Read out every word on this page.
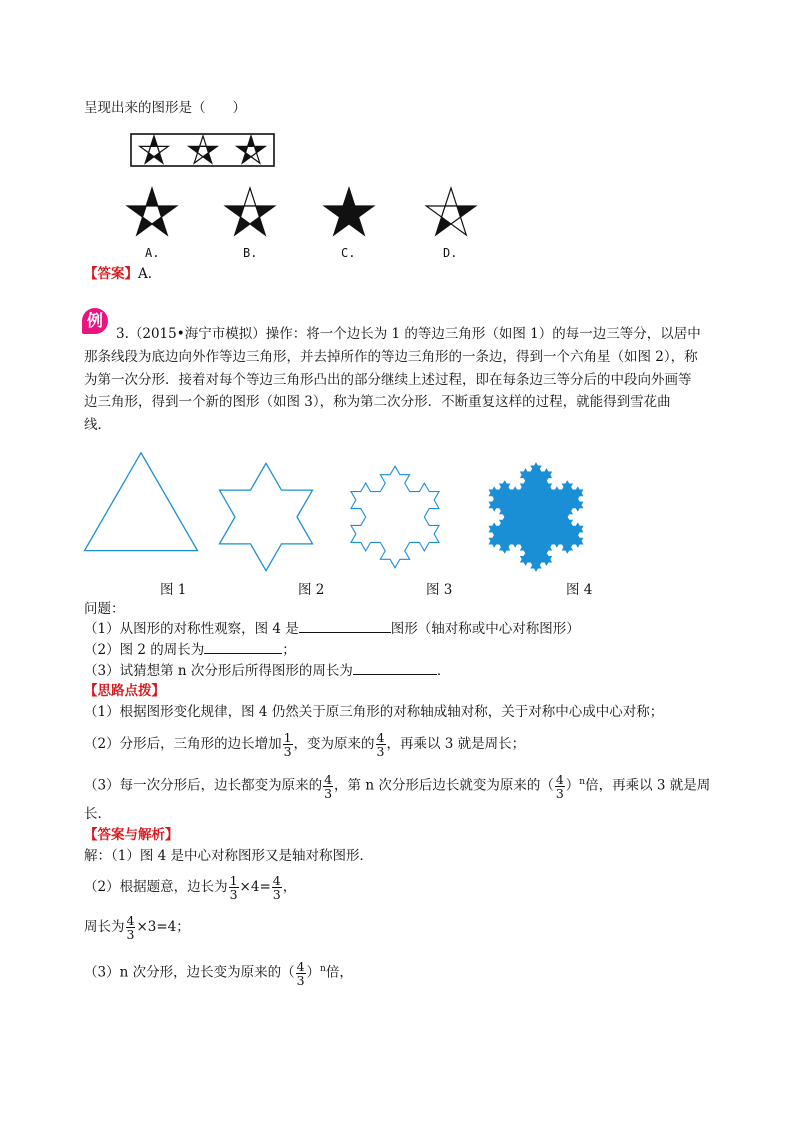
呈现出来的图形是（　　）
A.	B.	C.	D.
【答案】A.
例
3.（2015•海宁市模拟）操作：将一个边长为 1 的等边三角形（如图 1）的每一边三等分，以居中
那条线段为底边向外作等边三角形，并去掉所作的等边三角形的一条边，得到一个六角星（如图 2），称
为第一次分形．接着对每个等边三角形凸出的部分继续上述过程，即在每条边三等分后的中段向外画等
边三角形，得到一个新的图形（如图 3），称为第二次分形．不断重复这样的过程，就能得到雪花曲
线．
图 1	图 2	图 3	图 4
问题：
（1）从图形的对称性观察，图 4 是	图形（轴对称或中心对称图形）
（2）图 2 的周长为	；
（3）试猜想第 n 次分形后所得图形的周长为	．
【思路点拨】
（1）根据图形变化规律，图 4 仍然关于原三角形的对称轴成轴对称，关于对称中心成中心对称；
（2）分形后，三角形的边长增加 $\frac{1}{3}$ ，变为原来的 $\frac{4}{3}$ ，再乘以 3 就是周长；
（3）每一次分形后，边长都变为原来的 $\frac{4}{3}$ ，第 n 次分形后边长就变为原来的（ $\frac{4}{3} )^n$倍，再乘以 3 就是周
长．
【答案与解析】
解：（1）图 4 是中心对称图形又是轴对称图形．
（2）根据题意，边长为 $\frac{1}{3} \times 4= \frac{4}{3}$ ，
周长为 $\frac{4}{3} \times 3=4$；
（3）n 次分形，边长变为原来的（ $\frac{4}{3} )^n$倍，
